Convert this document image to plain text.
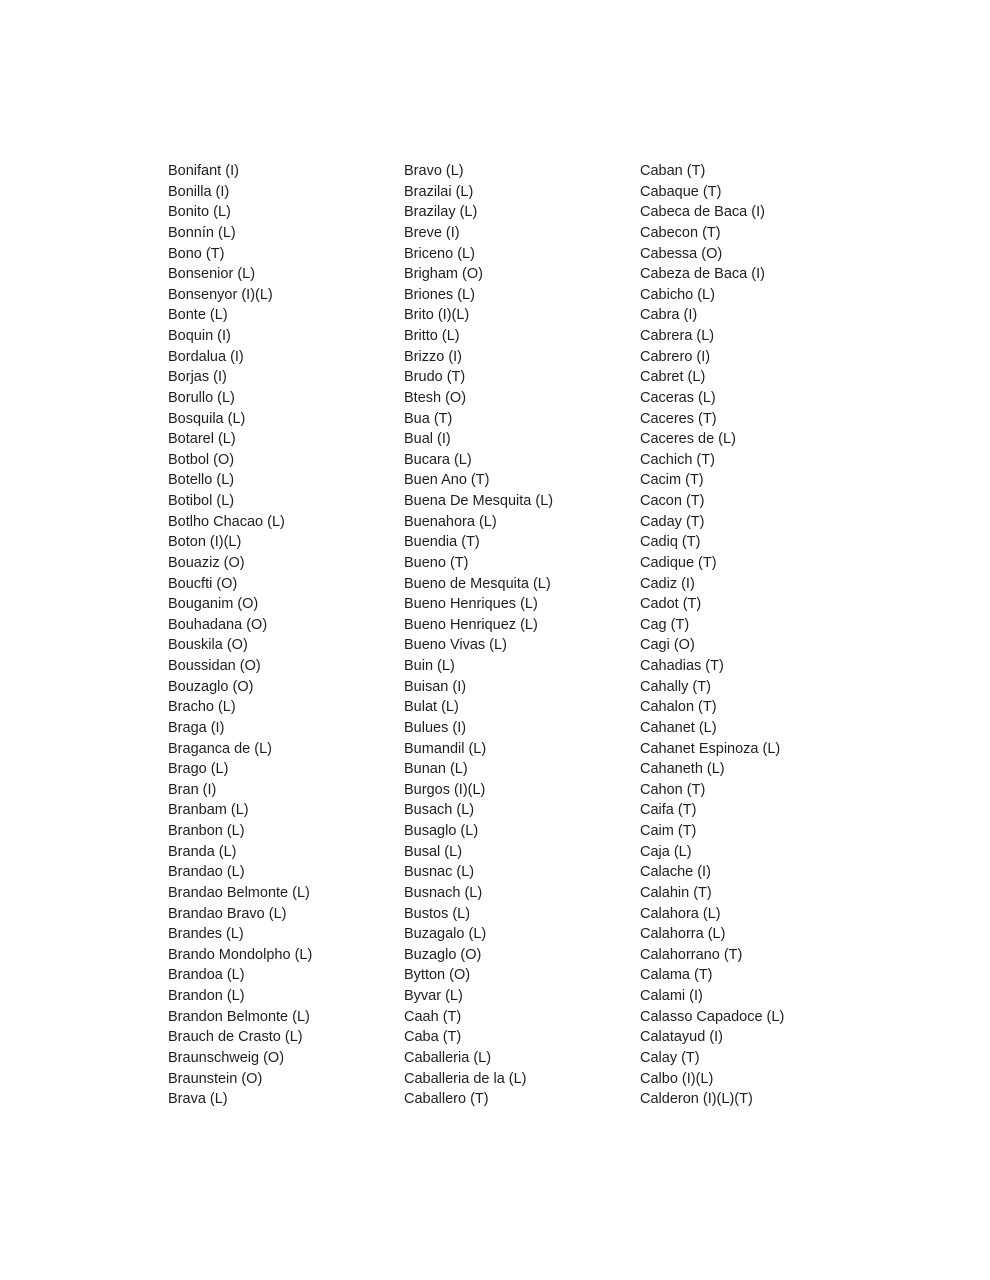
Bonifant (I)
Bonilla (I)
Bonito (L)
Bonnín (L)
Bono (T)
Bonsenior (L)
Bonsenyor (I)(L)
Bonte (L)
Boquin (I)
Bordalua (I)
Borjas (I)
Borullo (L)
Bosquila (L)
Botarel (L)
Botbol (O)
Botello (L)
Botibol (L)
Botlho Chacao (L)
Boton (I)(L)
Bouaziz (O)
Boucfti (O)
Bouganim (O)
Bouhadana (O)
Bouskila (O)
Boussidan (O)
Bouzaglo (O)
Bracho (L)
Braga (I)
Braganca de (L)
Brago (L)
Bran (I)
Branbam (L)
Branbon (L)
Branda (L)
Brandao (L)
Brandao Belmonte (L)
Brandao Bravo (L)
Brandes (L)
Brando Mondolpho (L)
Brandoa (L)
Brandon (L)
Brandon Belmonte (L)
Brauch de Crasto (L)
Braunschweig (O)
Braunstein (O)
Brava (L)
Bravo (L)
Brazilai (L)
Brazilay (L)
Breve (I)
Briceno (L)
Brigham (O)
Briones (L)
Brito (I)(L)
Britto (L)
Brizzo (I)
Brudo (T)
Btesh (O)
Bua (T)
Bual (I)
Bucara (L)
Buen Ano (T)
Buena De Mesquita (L)
Buenahora (L)
Buendia (T)
Bueno (T)
Bueno de Mesquita (L)
Bueno Henriques (L)
Bueno Henriquez (L)
Bueno Vivas (L)
Buin (L)
Buisan (I)
Bulat (L)
Bulues (I)
Bumandil (L)
Bunan (L)
Burgos (I)(L)
Busach (L)
Busaglo (L)
Busal (L)
Busnac (L)
Busnach (L)
Bustos (L)
Buzagalo (L)
Buzaglo (O)
Bytton (O)
Byvar (L)
Caah (T)
Caba (T)
Caballeria (L)
Caballeria de la (L)
Caballero (T)
Caban (T)
Cabaque (T)
Cabeca de Baca (I)
Cabecon (T)
Cabessa (O)
Cabeza de Baca (I)
Cabicho (L)
Cabra (I)
Cabrera (L)
Cabrero (I)
Cabret (L)
Caceras (L)
Caceres (T)
Caceres de (L)
Cachich (T)
Cacim (T)
Cacon (T)
Caday (T)
Cadiq (T)
Cadique (T)
Cadiz (I)
Cadot (T)
Cag (T)
Cagi (O)
Cahadias (T)
Cahally (T)
Cahalon (T)
Cahanet (L)
Cahanet Espinoza (L)
Cahaneth (L)
Cahon (T)
Caifa (T)
Caim (T)
Caja (L)
Calache (I)
Calahin (T)
Calahora (L)
Calahorra (L)
Calahorrano (T)
Calama (T)
Calami (I)
Calasso Capadoce (L)
Calatayud (I)
Calay (T)
Calbo (I)(L)
Calderon (I)(L)(T)
